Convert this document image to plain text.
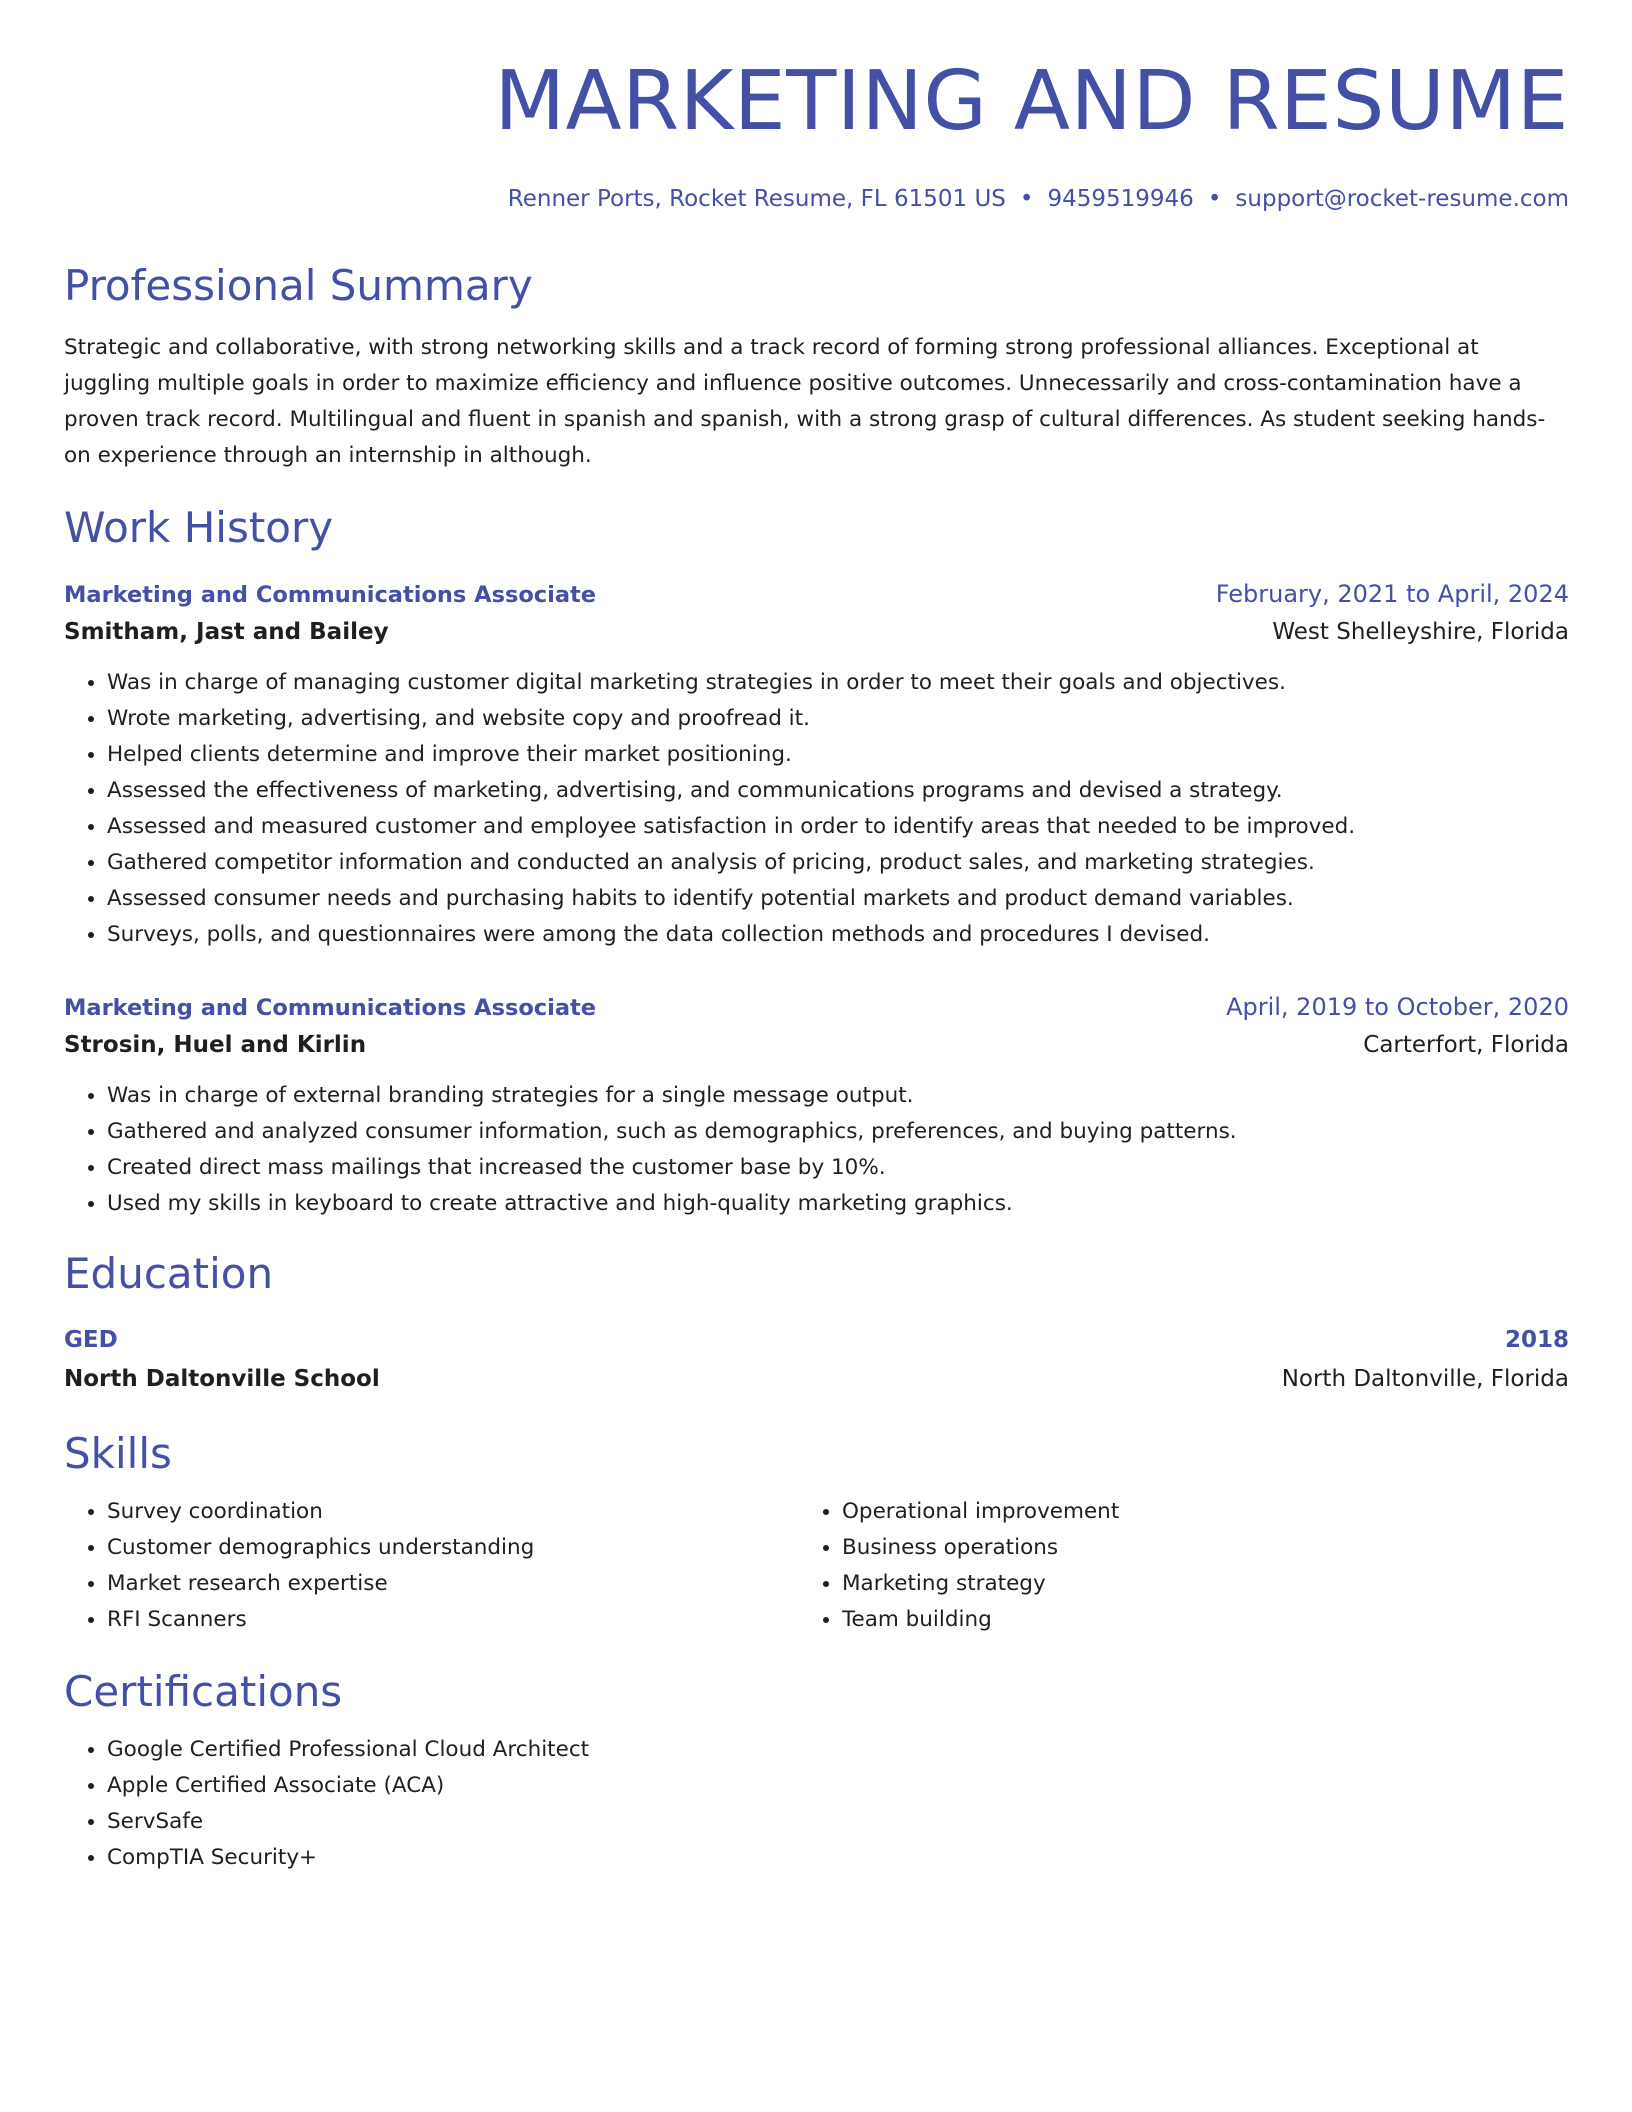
MARKETING AND RESUME
Renner Ports, Rocket Resume, FL 61501 US • 9459519946 • support@rocket-resume.com
Professional Summary

Strategic and collaborative, with strong networking skills and a track record of forming strong professional alliances. Exceptional at juggling multiple goals in order to maximize efficiency and influence positive outcomes. Unnecessarily and cross-contamination have a proven track record. Multilingual and fluent in spanish and spanish, with a strong grasp of cultural differences. As student seeking hands-on experience through an internship in although.

Work History
Marketing and Communications Associate	February, 2021 to April, 2024
Smitham, Jast and Bailey	West Shelleyshire, Florida
• Was in charge of managing customer digital marketing strategies in order to meet their goals and objectives.
• Wrote marketing, advertising, and website copy and proofread it.
• Helped clients determine and improve their market positioning.
• Assessed the effectiveness of marketing, advertising, and communications programs and devised a strategy.
• Assessed and measured customer and employee satisfaction in order to identify areas that needed to be improved.
• Gathered competitor information and conducted an analysis of pricing, product sales, and marketing strategies.
• Assessed consumer needs and purchasing habits to identify potential markets and product demand variables.
• Surveys, polls, and questionnaires were among the data collection methods and procedures I devised.
Marketing and Communications Associate	April, 2019 to October, 2020
Strosin, Huel and Kirlin	Carterfort, Florida
• Was in charge of external branding strategies for a single message output.
• Gathered and analyzed consumer information, such as demographics, preferences, and buying patterns.
• Created direct mass mailings that increased the customer base by 10%.
• Used my skills in keyboard to create attractive and high-quality marketing graphics.
Education
GED	2018
North Daltonville School	North Daltonville, Florida
Skills
• Survey coordination
• Customer demographics understanding
• Market research expertise
• RFI Scanners
• Operational improvement
• Business operations
• Marketing strategy
• Team building
Certifications
• Google Certified Professional Cloud Architect
• Apple Certified Associate (ACA)
• ServSafe
• CompTIA Security+
